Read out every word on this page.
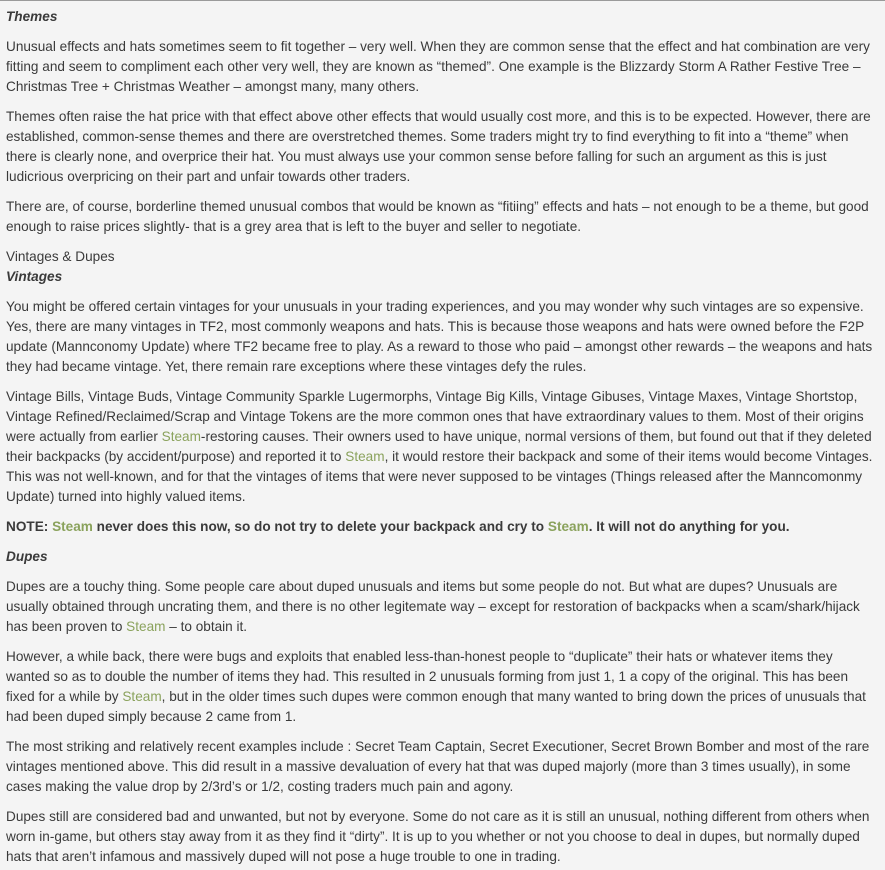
Themes

Unusual effects and hats sometimes seem to fit together – very well. When they are common sense that the effect and hat combination are very fitting and seem to compliment each other very well, they are known as “themed”. One example is the Blizzardy Storm A Rather Festive Tree – Christmas Tree + Christmas Weather – amongst many, many others.

Themes often raise the hat price with that effect above other effects that would usually cost more, and this is to be expected. However, there are established, common-sense themes and there are overstretched themes. Some traders might try to find everything to fit into a “theme” when there is clearly none, and overprice their hat. You must always use your common sense before falling for such an argument as this is just ludicrious overpricing on their part and unfair towards other traders.

There are, of course, borderline themed unusual combos that would be known as “fitiing” effects and hats – not enough to be a theme, but good enough to raise prices slightly- that is a grey area that is left to the buyer and seller to negotiate.

Vintages & Dupes

Vintages

You might be offered certain vintages for your unusuals in your trading experiences, and you may wonder why such vintages are so expensive. Yes, there are many vintages in TF2, most commonly weapons and hats. This is because those weapons and hats were owned before the F2P update (Mannconomy Update) where TF2 became free to play. As a reward to those who paid – amongst other rewards – the weapons and hats they had became vintage. Yet, there remain rare exceptions where these vintages defy the rules.

Vintage Bills, Vintage Buds, Vintage Community Sparkle Lugermorphs, Vintage Big Kills, Vintage Gibuses, Vintage Maxes, Vintage Shortstop, Vintage Refined/Reclaimed/Scrap and Vintage Tokens are the more common ones that have extraordinary values to them. Most of their origins were actually from earlier Steam-restoring causes. Their owners used to have unique, normal versions of them, but found out that if they deleted their backpacks (by accident/purpose) and reported it to Steam, it would restore their backpack and some of their items would become Vintages. This was not well-known, and for that the vintages of items that were never supposed to be vintages (Things released after the Manncomonmy Update) turned into highly valued items.

NOTE: Steam never does this now, so do not try to delete your backpack and cry to Steam. It will not do anything for you.

Dupes

Dupes are a touchy thing. Some people care about duped unusuals and items but some people do not. But what are dupes? Unusuals are usually obtained through uncrating them, and there is no other legitemate way – except for restoration of backpacks when a scam/shark/hijack has been proven to Steam – to obtain it.

However, a while back, there were bugs and exploits that enabled less-than-honest people to “duplicate” their hats or whatever items they wanted so as to double the number of items they had. This resulted in 2 unusuals forming from just 1, 1 a copy of the original. This has been fixed for a while by Steam, but in the older times such dupes were common enough that many wanted to bring down the prices of unusuals that had been duped simply because 2 came from 1.

The most striking and relatively recent examples include : Secret Team Captain, Secret Executioner, Secret Brown Bomber and most of the rare vintages mentioned above. This did result in a massive devaluation of every hat that was duped majorly (more than 3 times usually), in some cases making the value drop by 2/3rd’s or 1/2, costing traders much pain and agony.

Dupes still are considered bad and unwanted, but not by everyone. Some do not care as it is still an unusual, nothing different from others when worn in-game, but others stay away from it as they find it “dirty”. It is up to you whether or not you choose to deal in dupes, but normally duped hats that aren’t infamous and massively duped will not pose a huge trouble to one in trading.
